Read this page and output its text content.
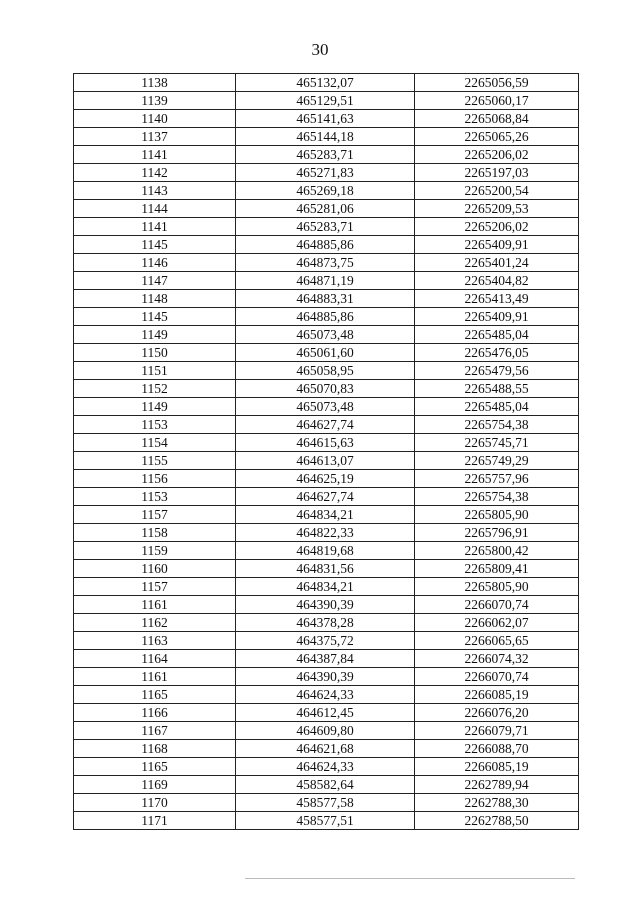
30
1138	465132,07	2265056,59
1139	465129,51	2265060,17
1140	465141,63	2265068,84
1137	465144,18	2265065,26
1141	465283,71	2265206,02
1142	465271,83	2265197,03
1143	465269,18	2265200,54
1144	465281,06	2265209,53
1141	465283,71	2265206,02
1145	464885,86	2265409,91
1146	464873,75	2265401,24
1147	464871,19	2265404,82
1148	464883,31	2265413,49
1145	464885,86	2265409,91
1149	465073,48	2265485,04
1150	465061,60	2265476,05
1151	465058,95	2265479,56
1152	465070,83	2265488,55
1149	465073,48	2265485,04
1153	464627,74	2265754,38
1154	464615,63	2265745,71
1155	464613,07	2265749,29
1156	464625,19	2265757,96
1153	464627,74	2265754,38
1157	464834,21	2265805,90
1158	464822,33	2265796,91
1159	464819,68	2265800,42
1160	464831,56	2265809,41
1157	464834,21	2265805,90
1161	464390,39	2266070,74
1162	464378,28	2266062,07
1163	464375,72	2266065,65
1164	464387,84	2266074,32
1161	464390,39	2266070,74
1165	464624,33	2266085,19
1166	464612,45	2266076,20
1167	464609,80	2266079,71
1168	464621,68	2266088,70
1165	464624,33	2266085,19
1169	458582,64	2262789,94
1170	458577,58	2262788,30
1171	458577,51	2262788,50
